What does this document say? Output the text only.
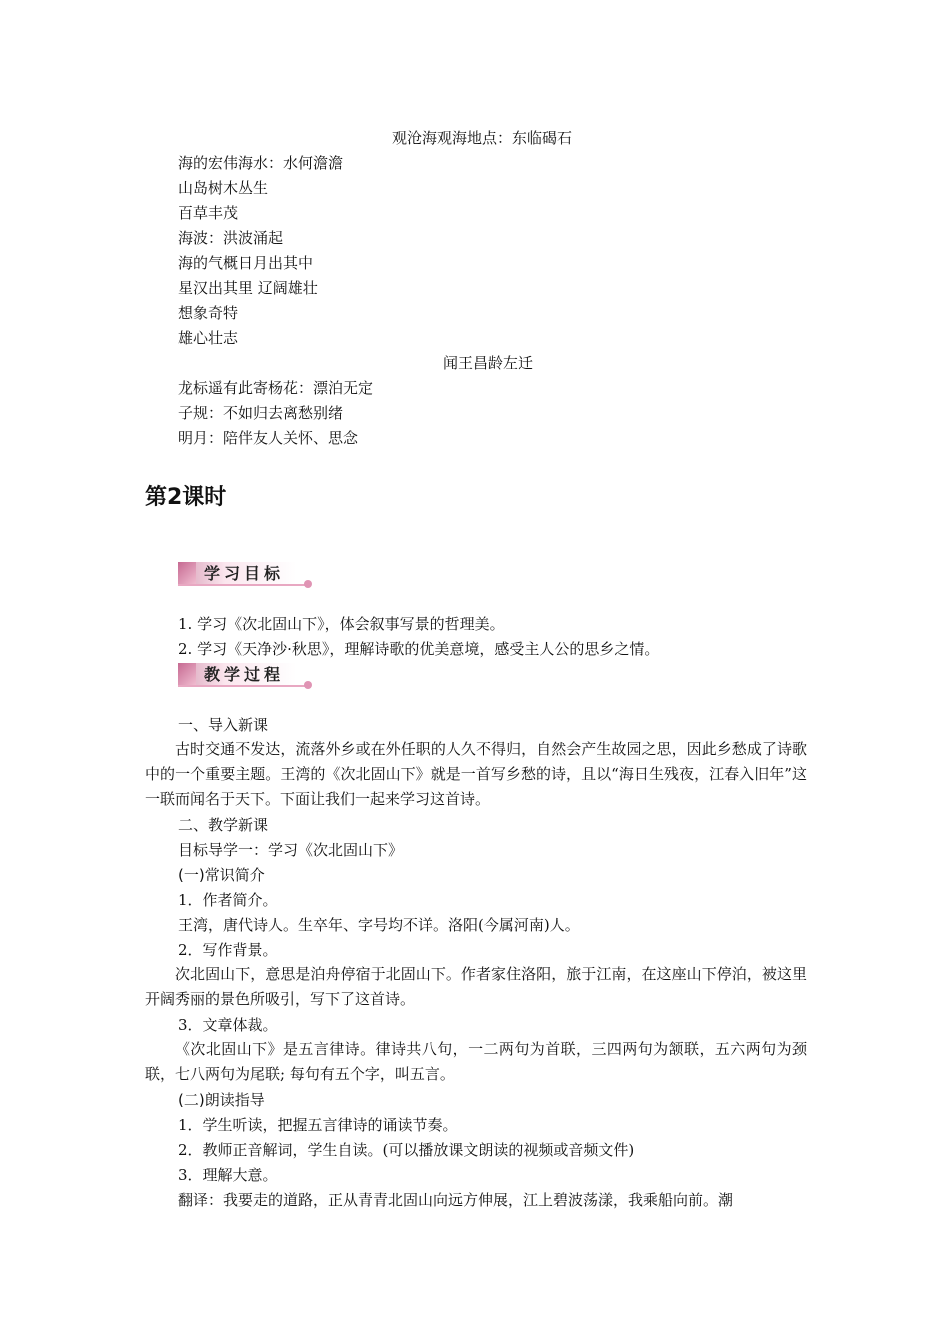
观沧海观海地点：东临碣石
海的宏伟海水：水何澹澹
山岛树木丛生
百草丰茂
海波：洪波涌起
海的气概日月出其中
星汉出其里 辽阔雄壮
想象奇特
雄心壮志
闻王昌龄左迁
龙标遥有此寄杨花：漂泊无定
子规：不如归去离愁别绪
明月：陪伴友人关怀、思念
第2课时
学习目标
1. 学习《次北固山下》，体会叙事写景的哲理美。
2. 学习《天净沙·秋思》，理解诗歌的优美意境，感受主人公的思乡之情。
教学过程
一、导入新课
古时交通不发达，流落外乡或在外任职的人久不得归，自然会产生故园之思，因此乡愁成了诗歌中的一个重要主题。王湾的《次北固山下》就是一首写乡愁的诗，且以“海日生残夜，江春入旧年”这一联而闻名于天下。下面让我们一起来学习这首诗。
二、教学新课
目标导学一：学习《次北固山下》
(一)常识简介
1．作者简介。
王湾，唐代诗人。生卒年、字号均不详。洛阳(今属河南)人。
2．写作背景。
次北固山下，意思是泊舟停宿于北固山下。作者家住洛阳，旅于江南，在这座山下停泊，被这里开阔秀丽的景色所吸引，写下了这首诗。
3．文章体裁。
《次北固山下》是五言律诗。律诗共八句，一二两句为首联，三四两句为颔联，五六两句为颈联，七八两句为尾联; 每句有五个字，叫五言。
(二)朗读指导
1．学生听读，把握五言律诗的诵读节奏。
2．教师正音解词，学生自读。(可以播放课文朗读的视频或音频文件)
3．理解大意。
翻译：我要走的道路，正从青青北固山向远方伸展，江上碧波荡漾，我乘船向前。潮
